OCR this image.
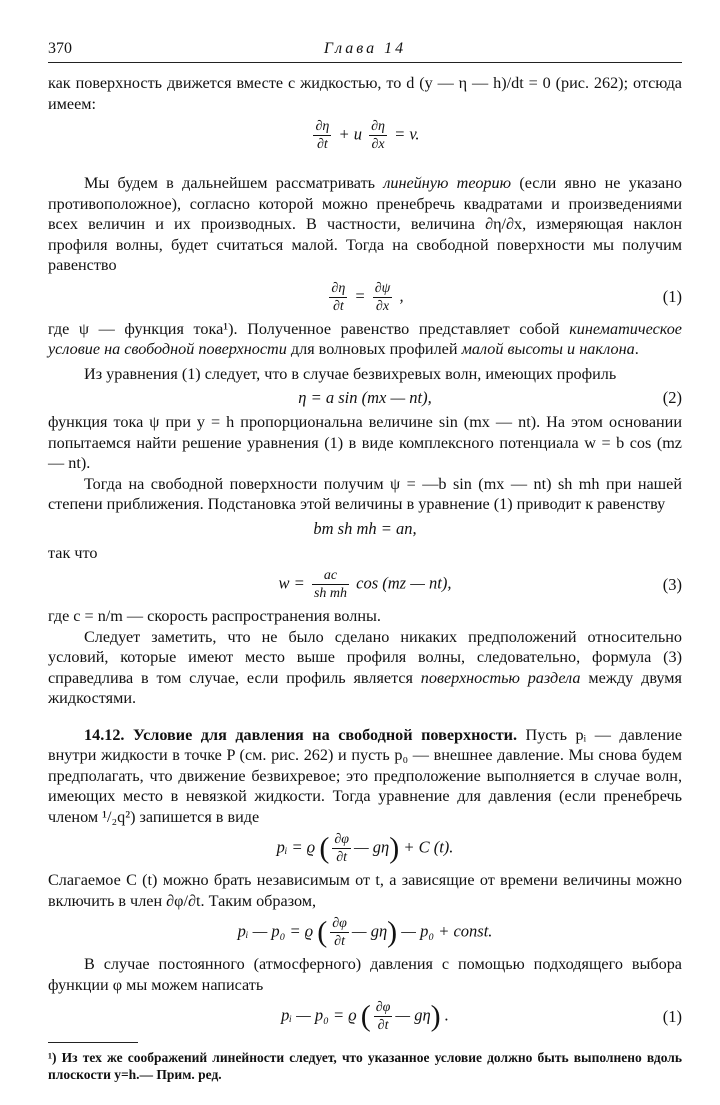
370	Глава 14

как поверхность движется вместе с жидкостью, то d (y — η — h)/dt = 0 (рис. 262); отсюда имеем:

$\frac{\partial\eta}{\partial t} + u \frac{\partial\eta}{\partial x} = v$.

Мы будем в дальнейшем рассматривать линейную теорию (если явно не указано противоположное), согласно которой можно пренебречь квадратами и произведениями всех величин и их производных. В частности, величина ∂η/∂x, измеряющая наклон профиля волны, будет считаться малой. Тогда на свободной поверхности мы получим равенство

$\frac{\partial\eta}{\partial t} = \frac{\partial\psi}{\partial x}$ ,	(1)

где ψ — функция тока¹). Полученное равенство представляет собой кинематическое условие на свободной поверхности для волновых профилей малой высоты и наклона.

Из уравнения (1) следует, что в случае безвихревых волн, имеющих профиль

η = a sin (mx — nt),	(2)

функция тока ψ при y = h пропорциональна величине sin (mx — nt). На этом основании попытаемся найти решение уравнения (1) в виде комплексного потенциала w = b cos (mz — nt).

Тогда на свободной поверхности получим ψ = —b sin (mx — nt) sh mh при нашей степени приближения. Подстановка этой величины в уравнение (1) приводит к равенству

bm sh mh = an,

так что

$w = \frac{ac}{\text{sh mh}}$ cos (mz — nt),	(3)

где c = n/m — скорость распространения волны.

Следует заметить, что не было сделано никаких предположений относительно условий, которые имеют место выше профиля волны, следовательно, формула (3) справедлива в том случае, если профиль является поверхностью раздела между двумя жидкостями.

14.12. Условие для давления на свободной поверхности. Пусть pᵢ — давление внутри жидкости в точке P (см. рис. 262) и пусть p₀ — внешнее давление. Мы снова будем предполагать, что движение безвихревое; это предположение выполняется в случае волн, имеющих место в невязкой жидкости. Тогда уравнение для давления (если пренебречь членом ¹/₂q²) запишется в виде

pᵢ = ϱ ( $\frac{\partial\varphi}{\partial t}$ — gη) + C (t).

Слагаемое C (t) можно брать независимым от t, а зависящие от времени величины можно включить в член ∂φ/∂t. Таким образом,

pᵢ — p₀ = ϱ ( $\frac{\partial\varphi}{\partial t}$ — gη) — p₀ + const.

В случае постоянного (атмосферного) давления с помощью подходящего выбора функции φ мы можем написать

pᵢ — p₀ = ϱ ( $\frac{\partial\varphi}{\partial t}$ — gη) .	(1)

¹) Из тех же соображений линейности следует, что указанное условие должно быть выполнено вдоль плоскости y=h.— Прим. ред.
